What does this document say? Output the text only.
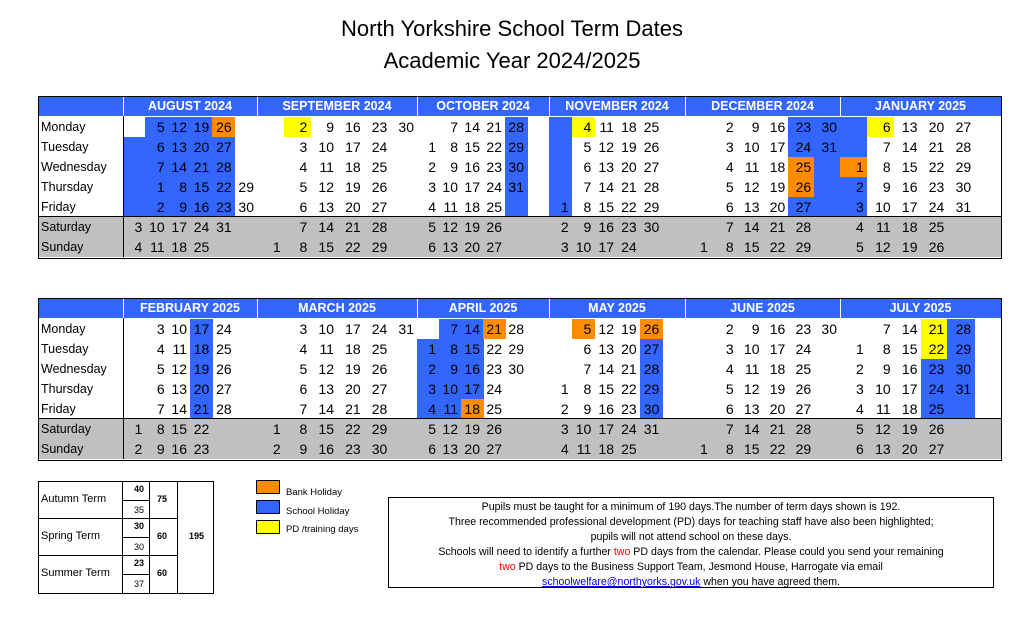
North Yorkshire School Term Dates
Academic Year 2024/2025
Monday
Tuesday
Wednesday
Thursday
Friday
Saturday
Sunday
AUGUST 2024
3
4
5
6
7
1
2
10
11
12
13
14
8
9
17
18
19
20
21
15
16
24
25
26
27
28
22
23
31
29
30
SEPTEMBER 2024
1
2
3
4
5
6
7
8
9
10
11
12
13
14
15
16
17
18
19
20
21
22
23
24
25
26
27
28
29
30
OCTOBER 2024
1
2
3
4
5
6
7
8
9
10
11
12
13
14
15
16
17
18
19
20
21
22
23
24
25
26
27
28
29
30
31
NOVEMBER 2024
1
2
3
4
5
6
7
8
9
10
11
12
13
14
15
16
17
18
19
20
21
22
23
24
25
26
27
28
29
30
DECEMBER 2024
1
2
3
4
5
6
7
8
9
10
11
12
13
14
15
16
17
18
19
20
21
22
23
24
25
26
27
28
29
30
31
JANUARY 2025
1
2
3
4
5
6
7
8
9
10
11
12
13
14
15
16
17
18
19
20
21
22
23
24
25
26
27
28
29
30
31
Monday
Tuesday
Wednesday
Thursday
Friday
Saturday
Sunday
FEBRUARY 2025
1
2
3
4
5
6
7
8
9
10
11
12
13
14
15
16
17
18
19
20
21
22
23
24
25
26
27
28
MARCH 2025
1
2
3
4
5
6
7
8
9
10
11
12
13
14
15
16
17
18
19
20
21
22
23
24
25
26
27
28
29
30
31
APRIL 2025
1
2
3
4
5
6
7
8
9
10
11
12
13
14
15
16
17
18
19
20
21
22
23
24
25
26
27
28
29
30
MAY 2025
1
2
3
4
5
6
7
8
9
10
11
12
13
14
15
16
17
18
19
20
21
22
23
24
25
26
27
28
29
30
31
JUNE 2025
1
2
3
4
5
6
7
8
9
10
11
12
13
14
15
16
17
18
19
20
21
22
23
24
25
26
27
28
29
30
JULY 2025
1
2
3
4
5
6
7
8
9
10
11
12
13
14
15
16
17
18
19
20
21
22
23
24
25
26
27
28
29
30
31
Autumn Term
Spring Term
Summer Term
40
35
30
30
23
37
75
60
60
195
Bank Holiday
School Holiday
PD /training days
Pupils must be taught for a minimum of 190 days.The number of term days shown is 192.
Three recommended professional development (PD) days for teaching staff have also been highlighted;
pupils will not attend school on these days.
Schools will need to identify a further two PD days from the calendar. Please could you send your remaining
two PD days to the Business Support Team, Jesmond House, Harrogate via email
schoolwelfare@northyorks.gov.uk when you have agreed them.
